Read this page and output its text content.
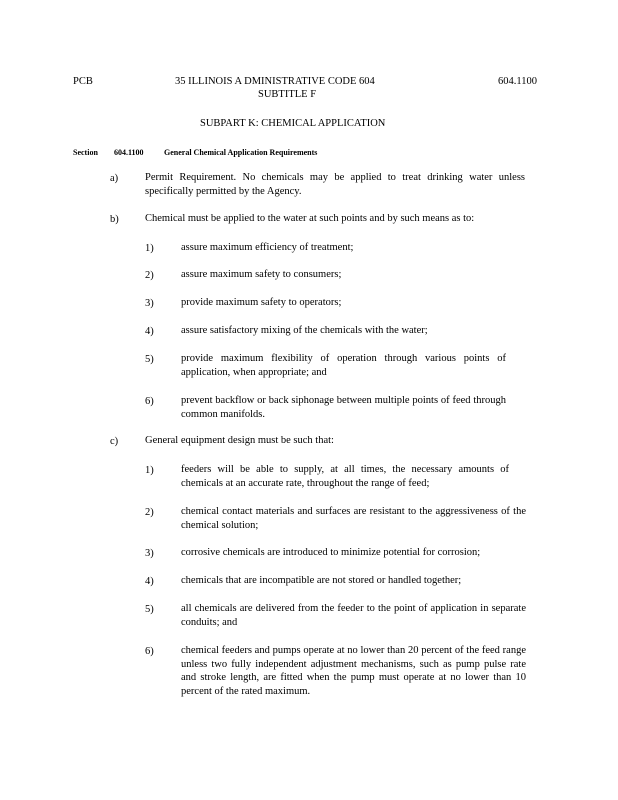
PCB	35 ILLINOIS A DMINISTRATIVE CODE 604
SUBTITLE F
604.1100
SUBPART K: CHEMICAL APPLICATION
Section 604.1100	General Chemical Application Requirements
a)	Permit Requirement. No chemicals may be applied to treat drinking water unless specifically permitted by the Agency.
b)	Chemical must be applied to the water at such points and by such means as to:
1)	assure maximum efficiency of treatment;
2)	assure maximum safety to consumers;
3)	provide maximum safety to operators;
4)	assure satisfactory mixing of the chemicals with the water;
5)	provide maximum flexibility of operation through various points of application, when appropriate; and
6)	prevent backflow or back siphonage between multiple points of feed through common manifolds.
c)	General equipment design must be such that:
1)	feeders will be able to supply, at all times, the necessary amounts of chemicals at an accurate rate, throughout the range of feed;
2)	chemical contact materials and surfaces are resistant to the aggressiveness of the chemical solution;
3)	corrosive chemicals are introduced to minimize potential for corrosion;
4)	chemicals that are incompatible are not stored or handled together;
5)	all chemicals are delivered from the feeder to the point of application in separate conduits; and
6)	chemical feeders and pumps operate at no lower than 20 percent of the feed range unless two fully independent adjustment mechanisms, such as pump pulse rate and stroke length, are fitted when the pump must operate at no lower than 10 percent of the rated maximum.
